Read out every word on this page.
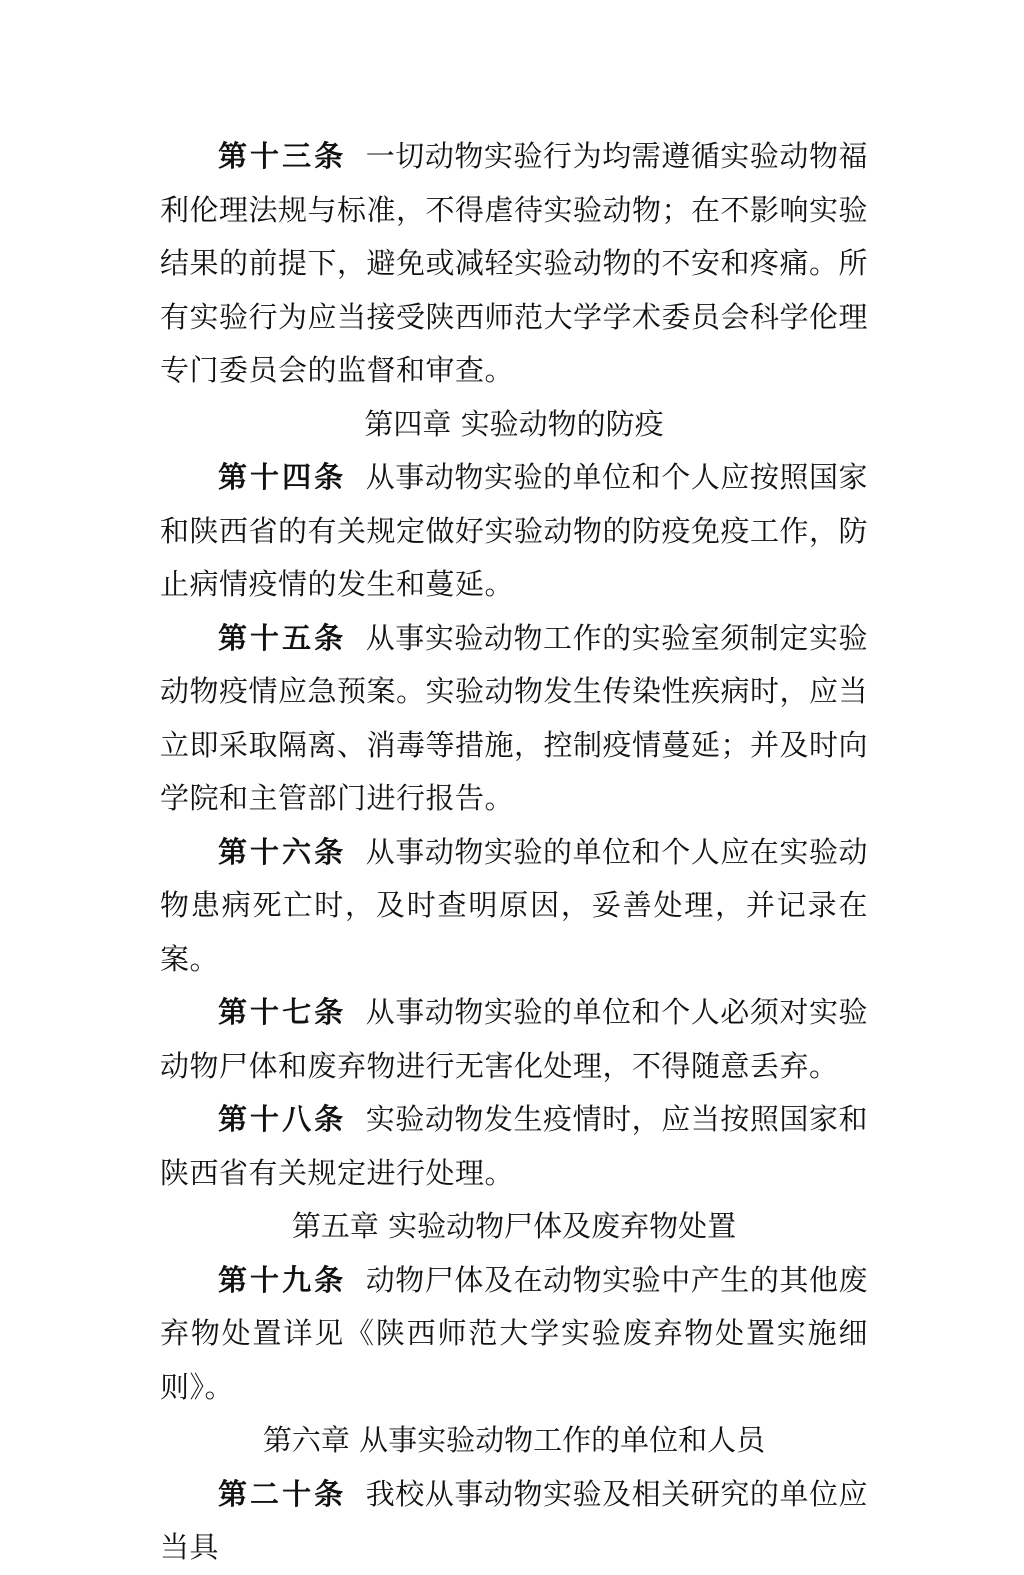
第十三条 一切动物实验行为均需遵循实验动物福利伦理法规与标准，不得虐待实验动物；在不影响实验结果的前提下，避免或减轻实验动物的不安和疼痛。所有实验行为应当接受陕西师范大学学术委员会科学伦理专门委员会的监督和审查。

第四章 实验动物的防疫

第十四条 从事动物实验的单位和个人应按照国家和陕西省的有关规定做好实验动物的防疫免疫工作，防止病情疫情的发生和蔓延。

第十五条 从事实验动物工作的实验室须制定实验动物疫情应急预案。实验动物发生传染性疾病时，应当立即采取隔离、消毒等措施，控制疫情蔓延；并及时向学院和主管部门进行报告。

第十六条 从事动物实验的单位和个人应在实验动物患病死亡时，及时查明原因，妥善处理，并记录在案。

第十七条 从事动物实验的单位和个人必须对实验动物尸体和废弃物进行无害化处理，不得随意丢弃。

第十八条 实验动物发生疫情时，应当按照国家和陕西省有关规定进行处理。

第五章 实验动物尸体及废弃物处置

第十九条 动物尸体及在动物实验中产生的其他废弃物处置详见《陕西师范大学实验废弃物处置实施细则》。

第六章 从事实验动物工作的单位和人员

第二十条 我校从事动物实验及相关研究的单位应当具
